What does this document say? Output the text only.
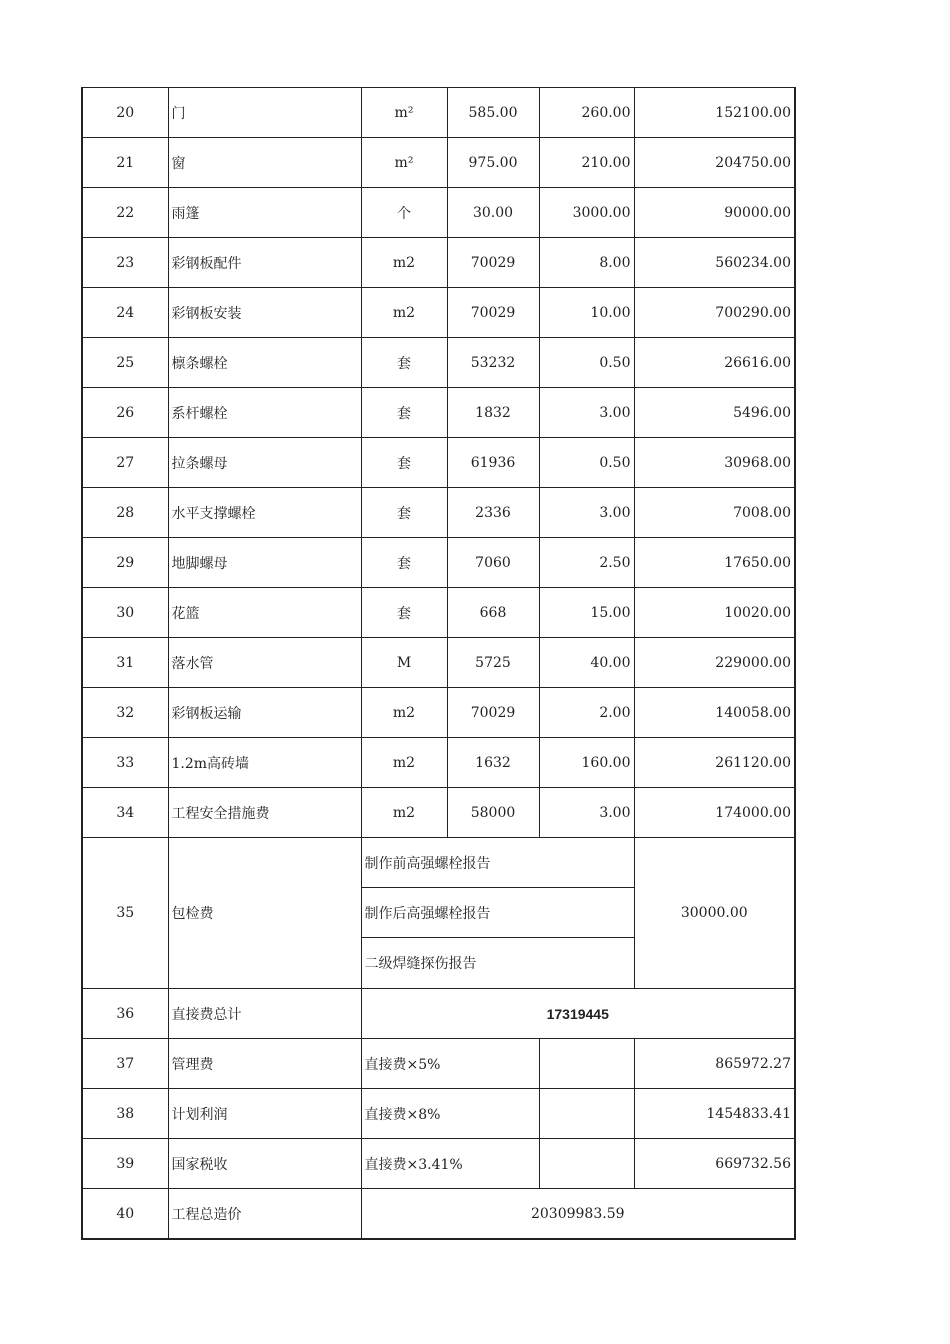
20	门	m²	585.00	260.00	152100.00
21	窗	m²	975.00	210.00	204750.00
22	雨篷	个	30.00	3000.00	90000.00
23	彩钢板配件	m2	70029	8.00	560234.00
24	彩钢板安装	m2	70029	10.00	700290.00
25	檩条螺栓	套	53232	0.50	26616.00
26	系杆螺栓	套	1832	3.00	5496.00
27	拉条螺母	套	61936	0.50	30968.00
28	水平支撑螺栓	套	2336	3.00	7008.00
29	地脚螺母	套	7060	2.50	17650.00
30	花篮	套	668	15.00	10020.00
31	落水管	M	5725	40.00	229000.00
32	彩钢板运输	m2	70029	2.00	140058.00
33	1.2m高砖墙	m2	1632	160.00	261120.00
34	工程安全措施费	m2	58000	3.00	174000.00
35	包检费	制作前高强螺栓报告			30000.00
		制作后高强螺栓报告			
		二级焊缝探伤报告			
36	直接费总计	17319445			
37	管理费	直接费×5%			865972.27
38	计划利润	直接费×8%			1454833.41
39	国家税收	直接费×3.41%			669732.56
40	工程总造价	20309983.59			
